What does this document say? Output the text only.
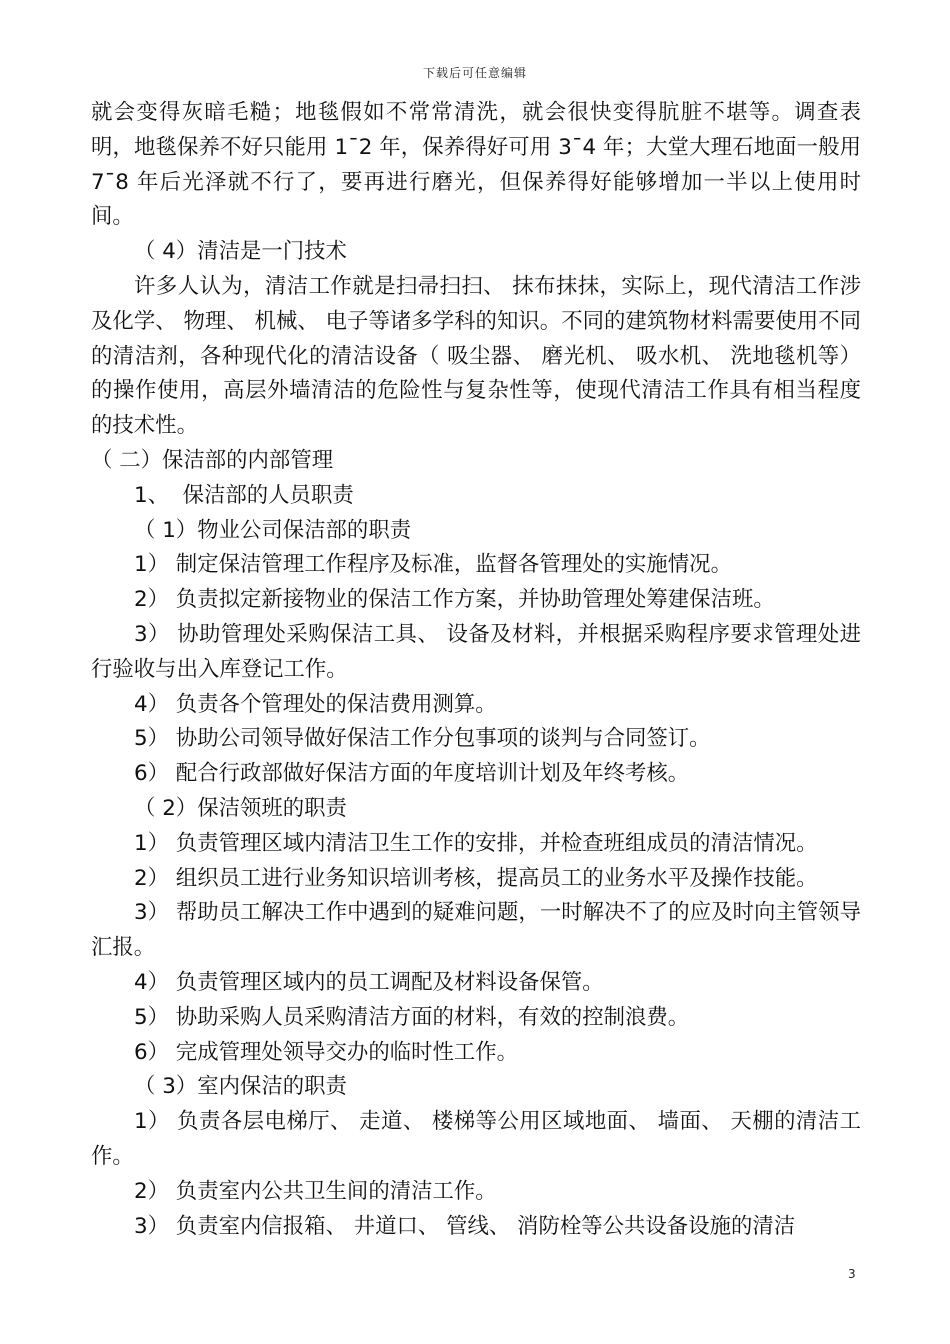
下载后可任意编辑

就会变得灰暗毛糙；地毯假如不常常清洗，就会很快变得肮脏不堪等。调查表明，地毯保养不好只能用 1¯2 年，保养得好可用 3¯4 年；大堂大理石地面一般用 7¯8 年后光泽就不行了，要再进行磨光，但保养得好能够增加一半以上使用时间。

（ 4）清洁是一门技术

许多人认为，清洁工作就是扫帚扫扫、 抹布抹抹，实际上，现代清洁工作涉及化学、 物理、 机械、 电子等诸多学科的知识。不同的建筑物材料需要使用不同的清洁剂，各种现代化的清洁设备（ 吸尘器、 磨光机、 吸水机、 洗地毯机等）的操作使用，高层外墙清洁的危险性与复杂性等，使现代清洁工作具有相当程度的技术性。

（ 二）保洁部的内部管理

1、  保洁部的人员职责

（ 1）物业公司保洁部的职责

1） 制定保洁管理工作程序及标准，监督各管理处的实施情况。

2） 负责拟定新接物业的保洁工作方案，并协助管理处筹建保洁班。

3） 协助管理处采购保洁工具、 设备及材料，并根据采购程序要求管理处进行验收与出入库登记工作。

4） 负责各个管理处的保洁费用测算。

5） 协助公司领导做好保洁工作分包事项的谈判与合同签订。

6） 配合行政部做好保洁方面的年度培训计划及年终考核。

（ 2）保洁领班的职责

1） 负责管理区域内清洁卫生工作的安排，并检查班组成员的清洁情况。

2） 组织员工进行业务知识培训考核，提高员工的业务水平及操作技能。

3） 帮助员工解决工作中遇到的疑难问题，一时解决不了的应及时向主管领导汇报。

4） 负责管理区域内的员工调配及材料设备保管。

5） 协助采购人员采购清洁方面的材料，有效的控制浪费。

6） 完成管理处领导交办的临时性工作。

（ 3）室内保洁的职责

1） 负责各层电梯厅、 走道、 楼梯等公用区域地面、 墙面、 天棚的清洁工作。

2） 负责室内公共卫生间的清洁工作。

3） 负责室内信报箱、 井道口、 管线、 消防栓等公共设备设施的清洁

3
